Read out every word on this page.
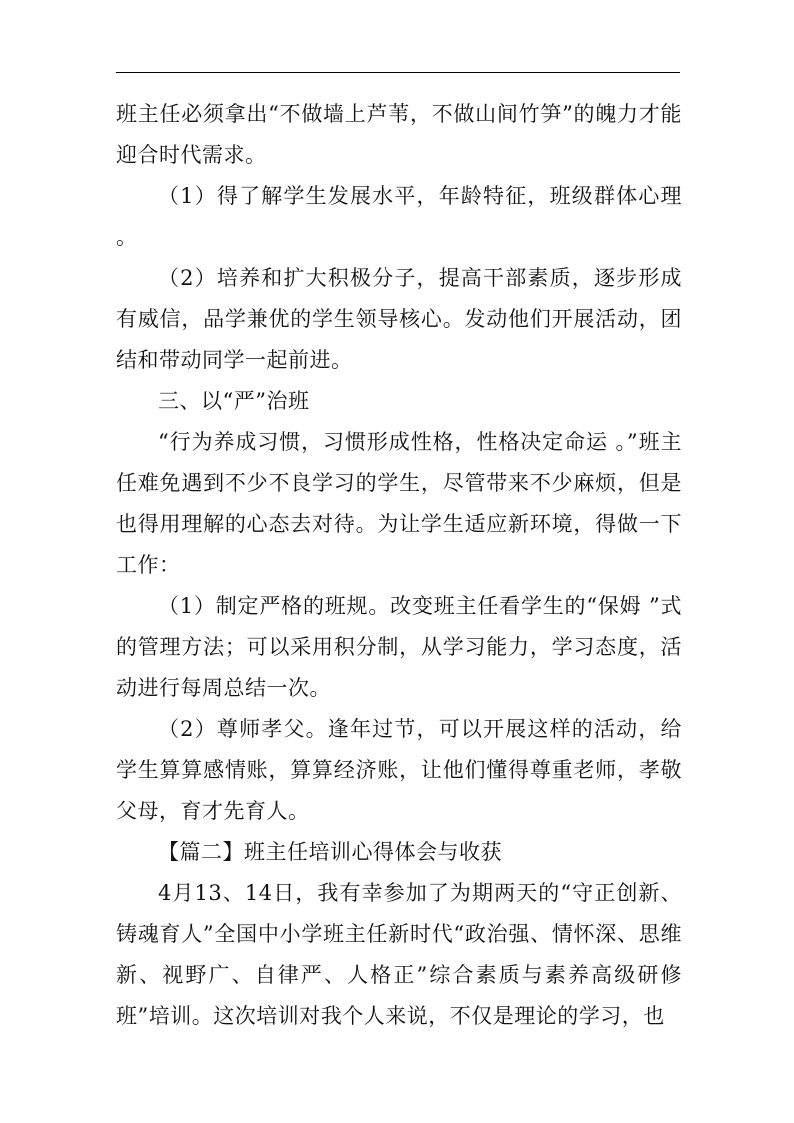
班主任必须拿出“不做墙上芦苇，不做山间竹笋”的魄力才能迎合时代需求。

（1）得了解学生发展水平，年龄特征，班级群体心理 。

（2）培养和扩大积极分子，提高干部素质，逐步形成有威信，品学兼优的学生领导核心。发动他们开展活动，团结和带动同学一起前进。

三、以“严”治班

“行为养成习惯，习惯形成性格，性格决定命运 。”班主任难免遇到不少不良学习的学生，尽管带来不少麻烦，但是也得用理解的心态去对待。为让学生适应新环境，得做一下工作：

（1）制定严格的班规。改变班主任看学生的“保姆 ”式的管理方法；可以采用积分制，从学习能力，学习态度，活动进行每周总结一次。

（2）尊师孝父。逢年过节，可以开展这样的活动，给学生算算感情账，算算经济账，让他们懂得尊重老师，孝敬父母，育才先育人。

【篇二】班主任培训心得体会与收获

4月13、14日，我有幸参加了为期两天的“守正创新、铸魂育人”全国中小学班主任新时代“政治强、情怀深、思维新、视野广、自律严、人格正”综合素质与素养高级研修班”培训。这次培训对我个人来说，不仅是理论的学习，也
